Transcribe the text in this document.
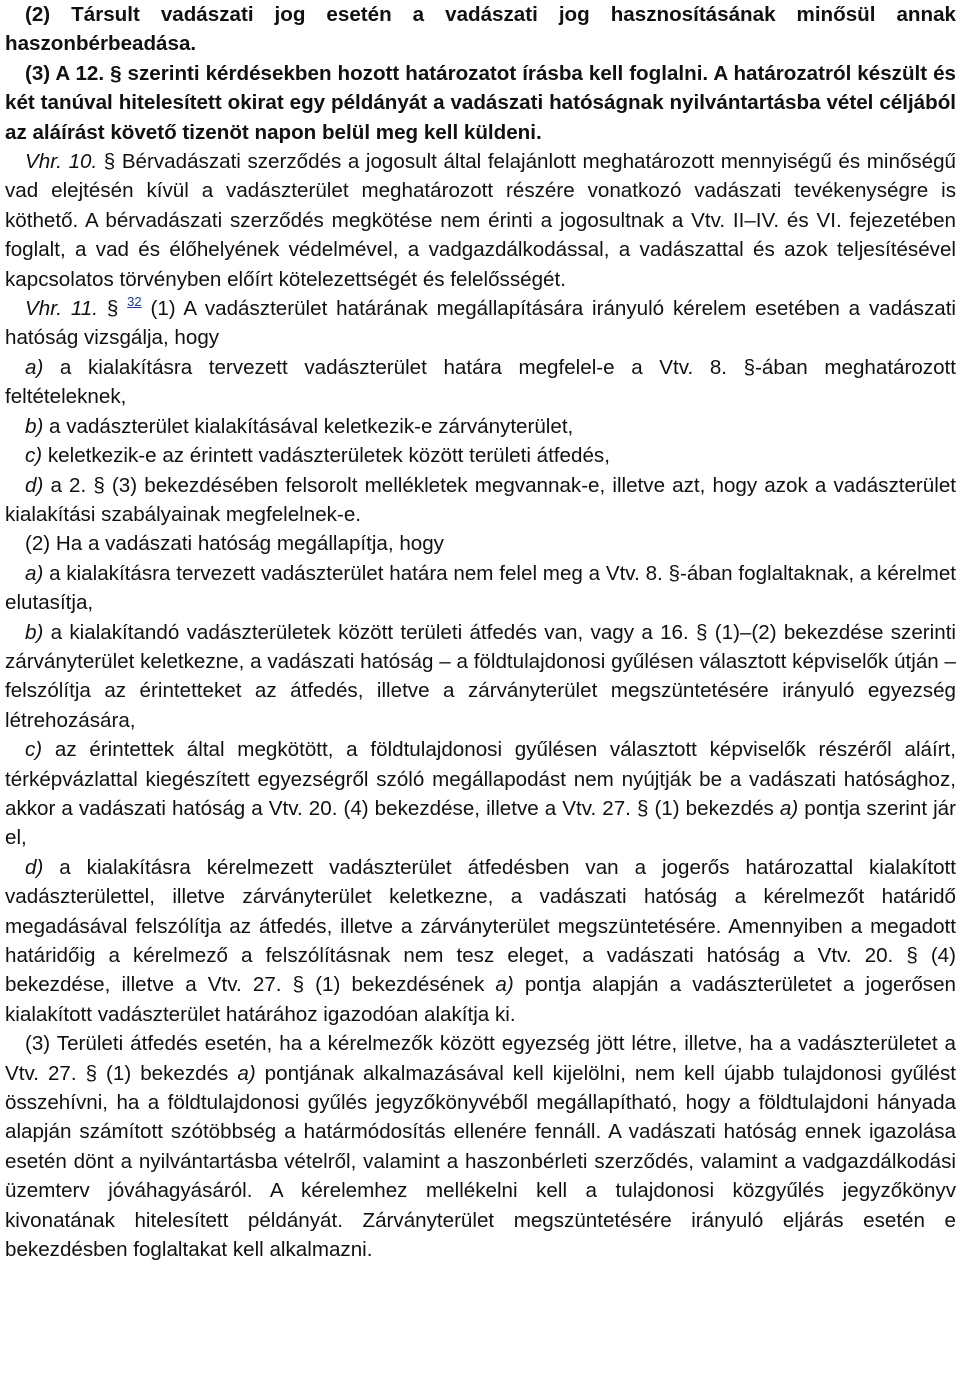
(2) Társult vadászati jog esetén a vadászati jog hasznosításának minősül annak haszonbérbeadása.

(3) A 12. § szerinti kérdésekben hozott határozatot írásba kell foglalni. A határozatról készült és két tanúval hitelesített okirat egy példányát a vadászati hatóságnak nyilvántartásba vétel céljából az aláírást követő tizenöt napon belül meg kell küldeni.

Vhr. 10. § Bérvadászati szerződés a jogosult által felajánlott meghatározott mennyiségű és minőségű vad elejtésén kívül a vadászterület meghatározott részére vonatkozó vadászati tevékenységre is köthető. A bérvadászati szerződés megkötése nem érinti a jogosultnak a Vtv. II–IV. és VI. fejezetében foglalt, a vad és élőhelyének védelmével, a vadgazdálkodással, a vadászattal és azok teljesítésével kapcsolatos törvényben előírt kötelezettségét és felelősségét.

Vhr. 11. § $^{32}$ (1) A vadászterület határának megállapítására irányuló kérelem esetében a vadászati hatóság vizsgálja, hogy

a) a kialakításra tervezett vadászterület határa megfelel-e a Vtv. 8. §-ában meghatározott feltételeknek,

b) a vadászterület kialakításával keletkezik-e zárványterület,

c) keletkezik-e az érintett vadászterületek között területi átfedés,

d) a 2. § (3) bekezdésében felsorolt mellékletek megvannak-e, illetve azt, hogy azok a vadászterület kialakítási szabályainak megfelelnek-e.

(2) Ha a vadászati hatóság megállapítja, hogy

a) a kialakításra tervezett vadászterület határa nem felel meg a Vtv. 8. §-ában foglaltaknak, a kérelmet elutasítja,

b) a kialakítandó vadászterületek között területi átfedés van, vagy a 16. § (1)–(2) bekezdése szerinti zárványterület keletkezne, a vadászati hatóság – a földtulajdonosi gyűlésen választott képviselők útján – felszólítja az érintetteket az átfedés, illetve a zárványterület megszüntetésére irányuló egyezség létrehozására,

c) az érintettek által megkötött, a földtulajdonosi gyűlésen választott képviselők részéről aláírt, térképvázlattal kiegészített egyezségről szóló megállapodást nem nyújtják be a vadászati hatósághoz, akkor a vadászati hatóság a Vtv. 20. (4) bekezdése, illetve a Vtv. 27. § (1) bekezdés a) pontja szerint jár el,

d) a kialakításra kérelmezett vadászterület átfedésben van a jogerős határozattal kialakított vadászterülettel, illetve zárványterület keletkezne, a vadászati hatóság a kérelmezőt határidő megadásával felszólítja az átfedés, illetve a zárványterület megszüntetésére. Amennyiben a megadott határidőig a kérelmező a felszólításnak nem tesz eleget, a vadászati hatóság a Vtv. 20. § (4) bekezdése, illetve a Vtv. 27. § (1) bekezdésének a) pontja alapján a vadászterületet a jogerősen kialakított vadászterület határához igazodóan alakítja ki.

(3) Területi átfedés esetén, ha a kérelmezők között egyezség jött létre, illetve, ha a vadászterületet a Vtv. 27. § (1) bekezdés a) pontjának alkalmazásával kell kijelölni, nem kell újabb tulajdonosi gyűlést összehívni, ha a földtulajdonosi gyűlés jegyzőkönyvéből megállapítható, hogy a földtulajdoni hányada alapján számított szótöbbség a határmódosítás ellenére fennáll. A vadászati hatóság ennek igazolása esetén dönt a nyilvántartásba vételről, valamint a haszonbérleti szerződés, valamint a vadgazdálkodási üzemterv jóváhagyásáról. A kérelemhez mellékelni kell a tulajdonosi közgyűlés jegyzőkönyv kivonatának hitelesített példányát. Zárványterület megszüntetésére irányuló eljárás esetén e bekezdésben foglaltakat kell alkalmazni.
